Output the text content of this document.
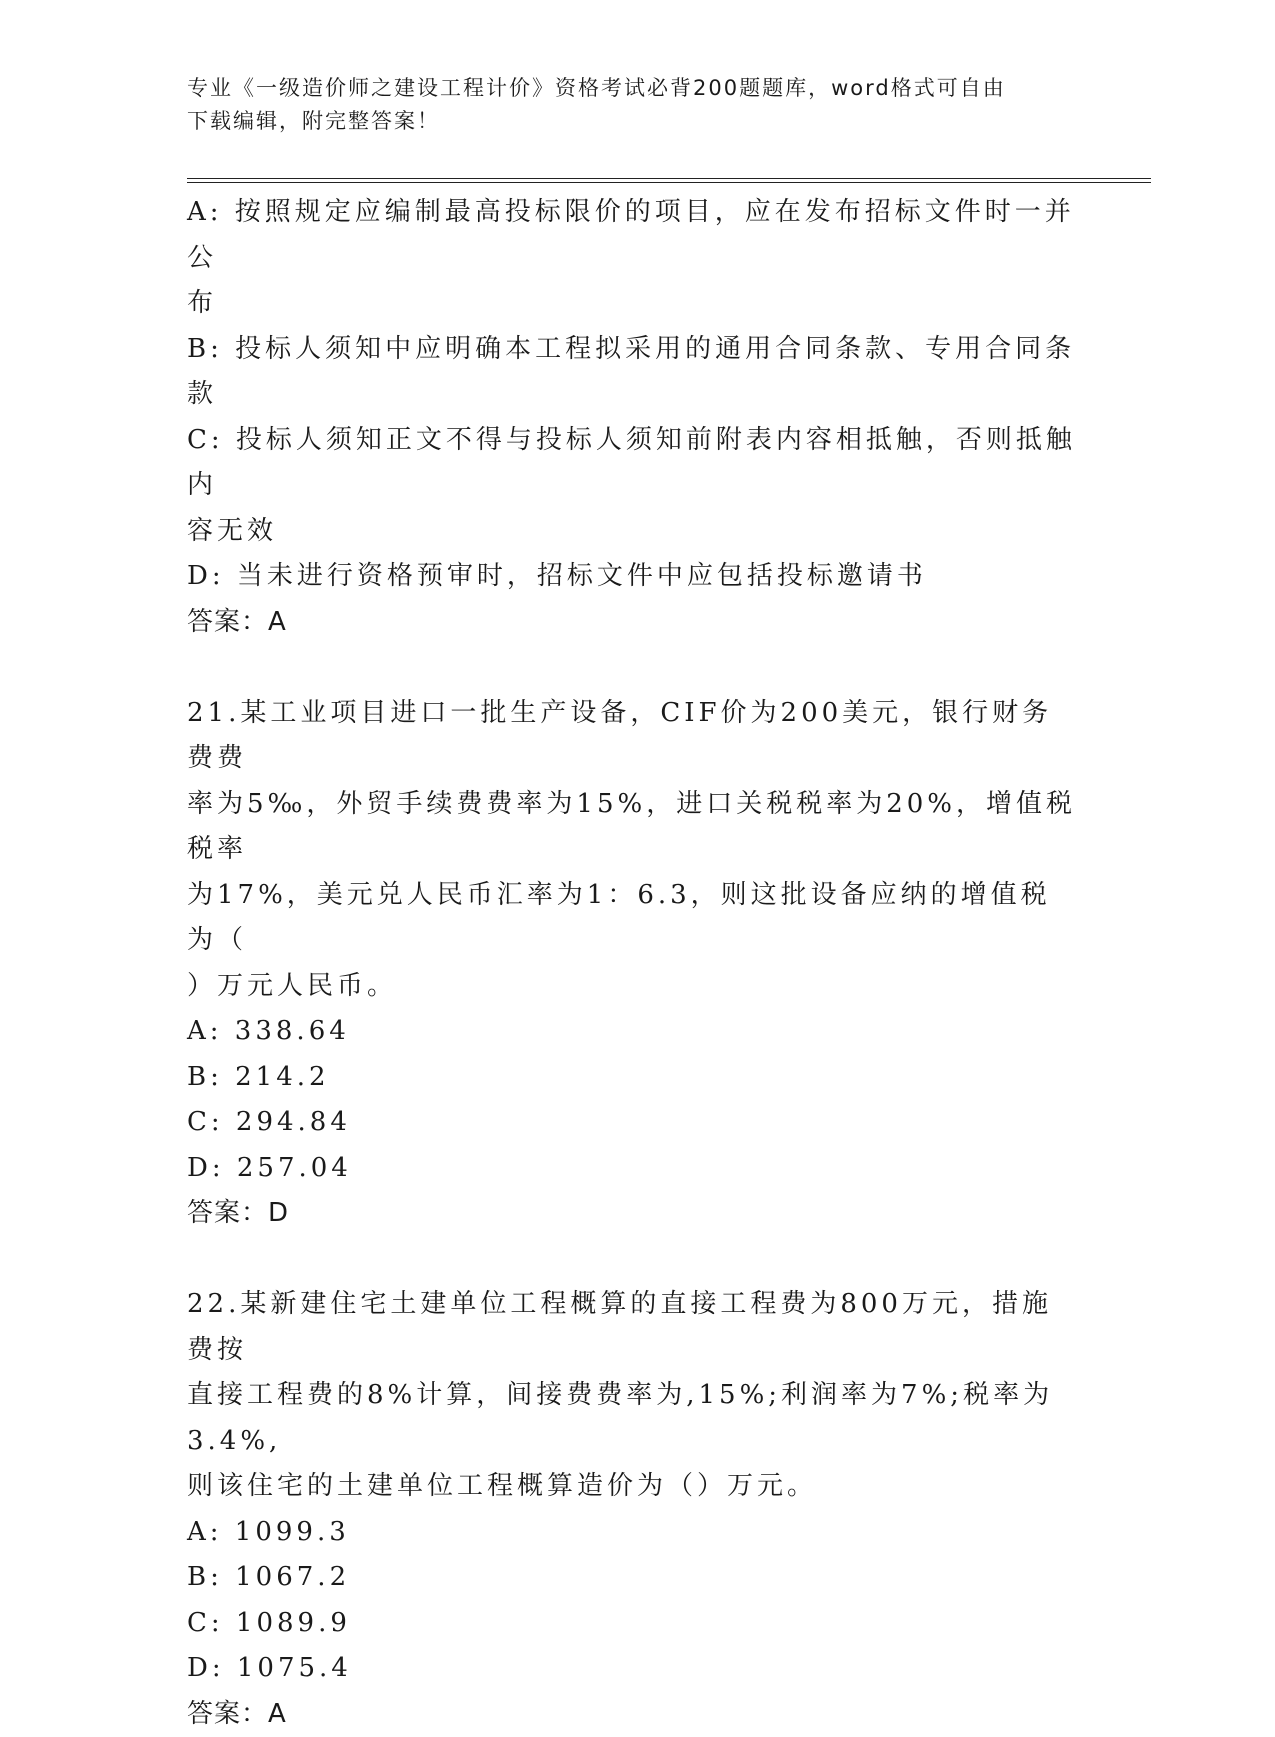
专业《一级造价师之建设工程计价》资格考试必背200题题库，word格式可自由
下载编辑，附完整答案！
A: 按照规定应编制最高投标限价的项目，应在发布招标文件时一并公
布
B: 投标人须知中应明确本工程拟采用的通用合同条款、专用合同条款
C: 投标人须知正文不得与投标人须知前附表内容相抵触，否则抵触内
容无效
D: 当未进行资格预审时，招标文件中应包括投标邀请书
答案：A
21.某工业项目进口一批生产设备，CIF价为200美元，银行财务费费
率为5‰，外贸手续费费率为15%，进口关税税率为20%，增值税税率
为17%，美元兑人民币汇率为1：6.3，则这批设备应纳的增值税为（
）万元人民币。
A: 338.64
B: 214.2
C: 294.84
D: 257.04
答案：D
22.某新建住宅土建单位工程概算的直接工程费为800万元，措施费按
直接工程费的8%计算，间接费费率为,15%;利润率为7%;税率为3.4%,
则该住宅的土建单位工程概算造价为（）万元。
A: 1099.3
B: 1067.2
C: 1089.9
D: 1075.4
答案：A
